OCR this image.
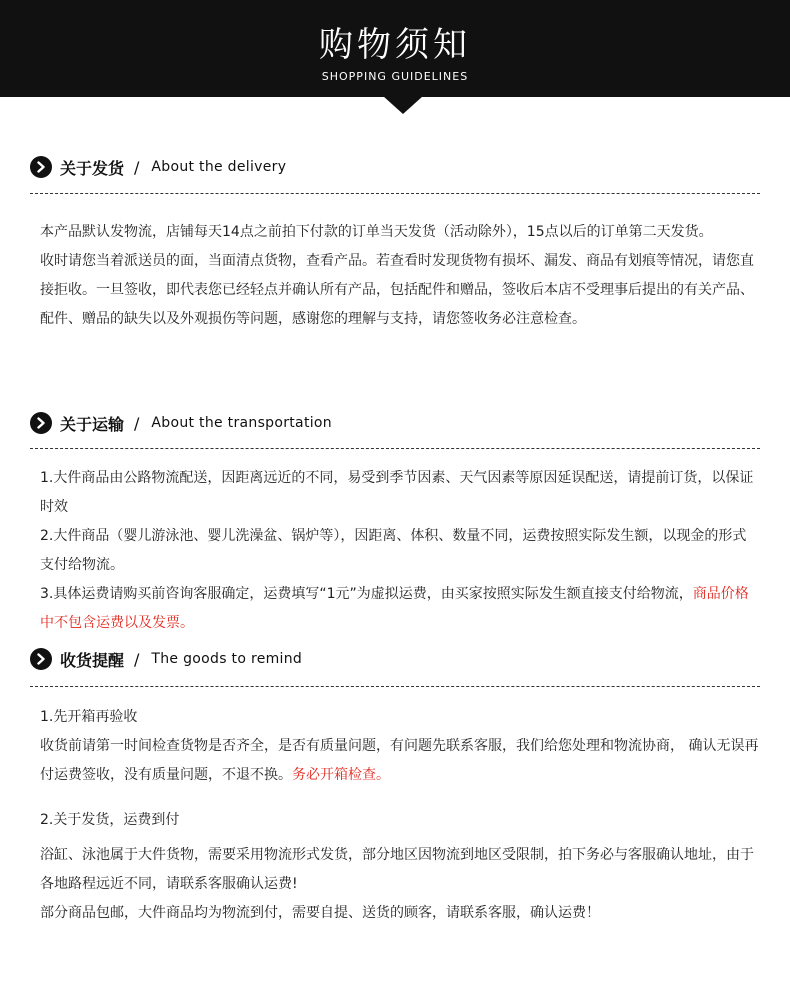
购物须知
SHOPPING GUIDELINES
关于发货 / About the delivery

本产品默认发物流，店铺每天14点之前拍下付款的订单当天发货（活动除外），15点以后的订单第二天发货。

收时请您当着派送员的面，当面清点货物，查看产品。若查看时发现货物有损坏、漏发、商品有划痕等情况，请您直接拒收。一旦签收，即代表您已经轻点并确认所有产品，包括配件和赠品，签收后本店不受理事后提出的有关产品、配件、赠品的缺失以及外观损伤等问题，感谢您的理解与支持，请您签收务必注意检查。

关于运输 / About the transportation

1.大件商品由公路物流配送，因距离远近的不同，易受到季节因素、天气因素等原因延误配送，请提前订货，以保证时效

2.大件商品（婴儿游泳池、婴儿洗澡盆、锅炉等），因距离、体积、数量不同，运费按照实际发生额，以现金的形式支付给物流。

3.具体运费请购买前咨询客服确定，运费填写“1元”为虚拟运费，由买家按照实际发生额直接支付给物流，商品价格中不包含运费以及发票。

收货提醒 / The goods to remind

1.先开箱再验收

收货前请第一时间检查货物是否齐全，是否有质量问题，有问题先联系客服，我们给您处理和物流协商， 确认无误再付运费签收，没有质量问题，不退不换。务必开箱检查。

2.关于发货，运费到付

浴缸、泳池属于大件货物，需要采用物流形式发货，部分地区因物流到地区受限制，拍下务必与客服确认地址，由于各地路程远近不同，请联系客服确认运费!

部分商品包邮，大件商品均为物流到付，需要自提、送货的顾客，请联系客服，确认运费！
